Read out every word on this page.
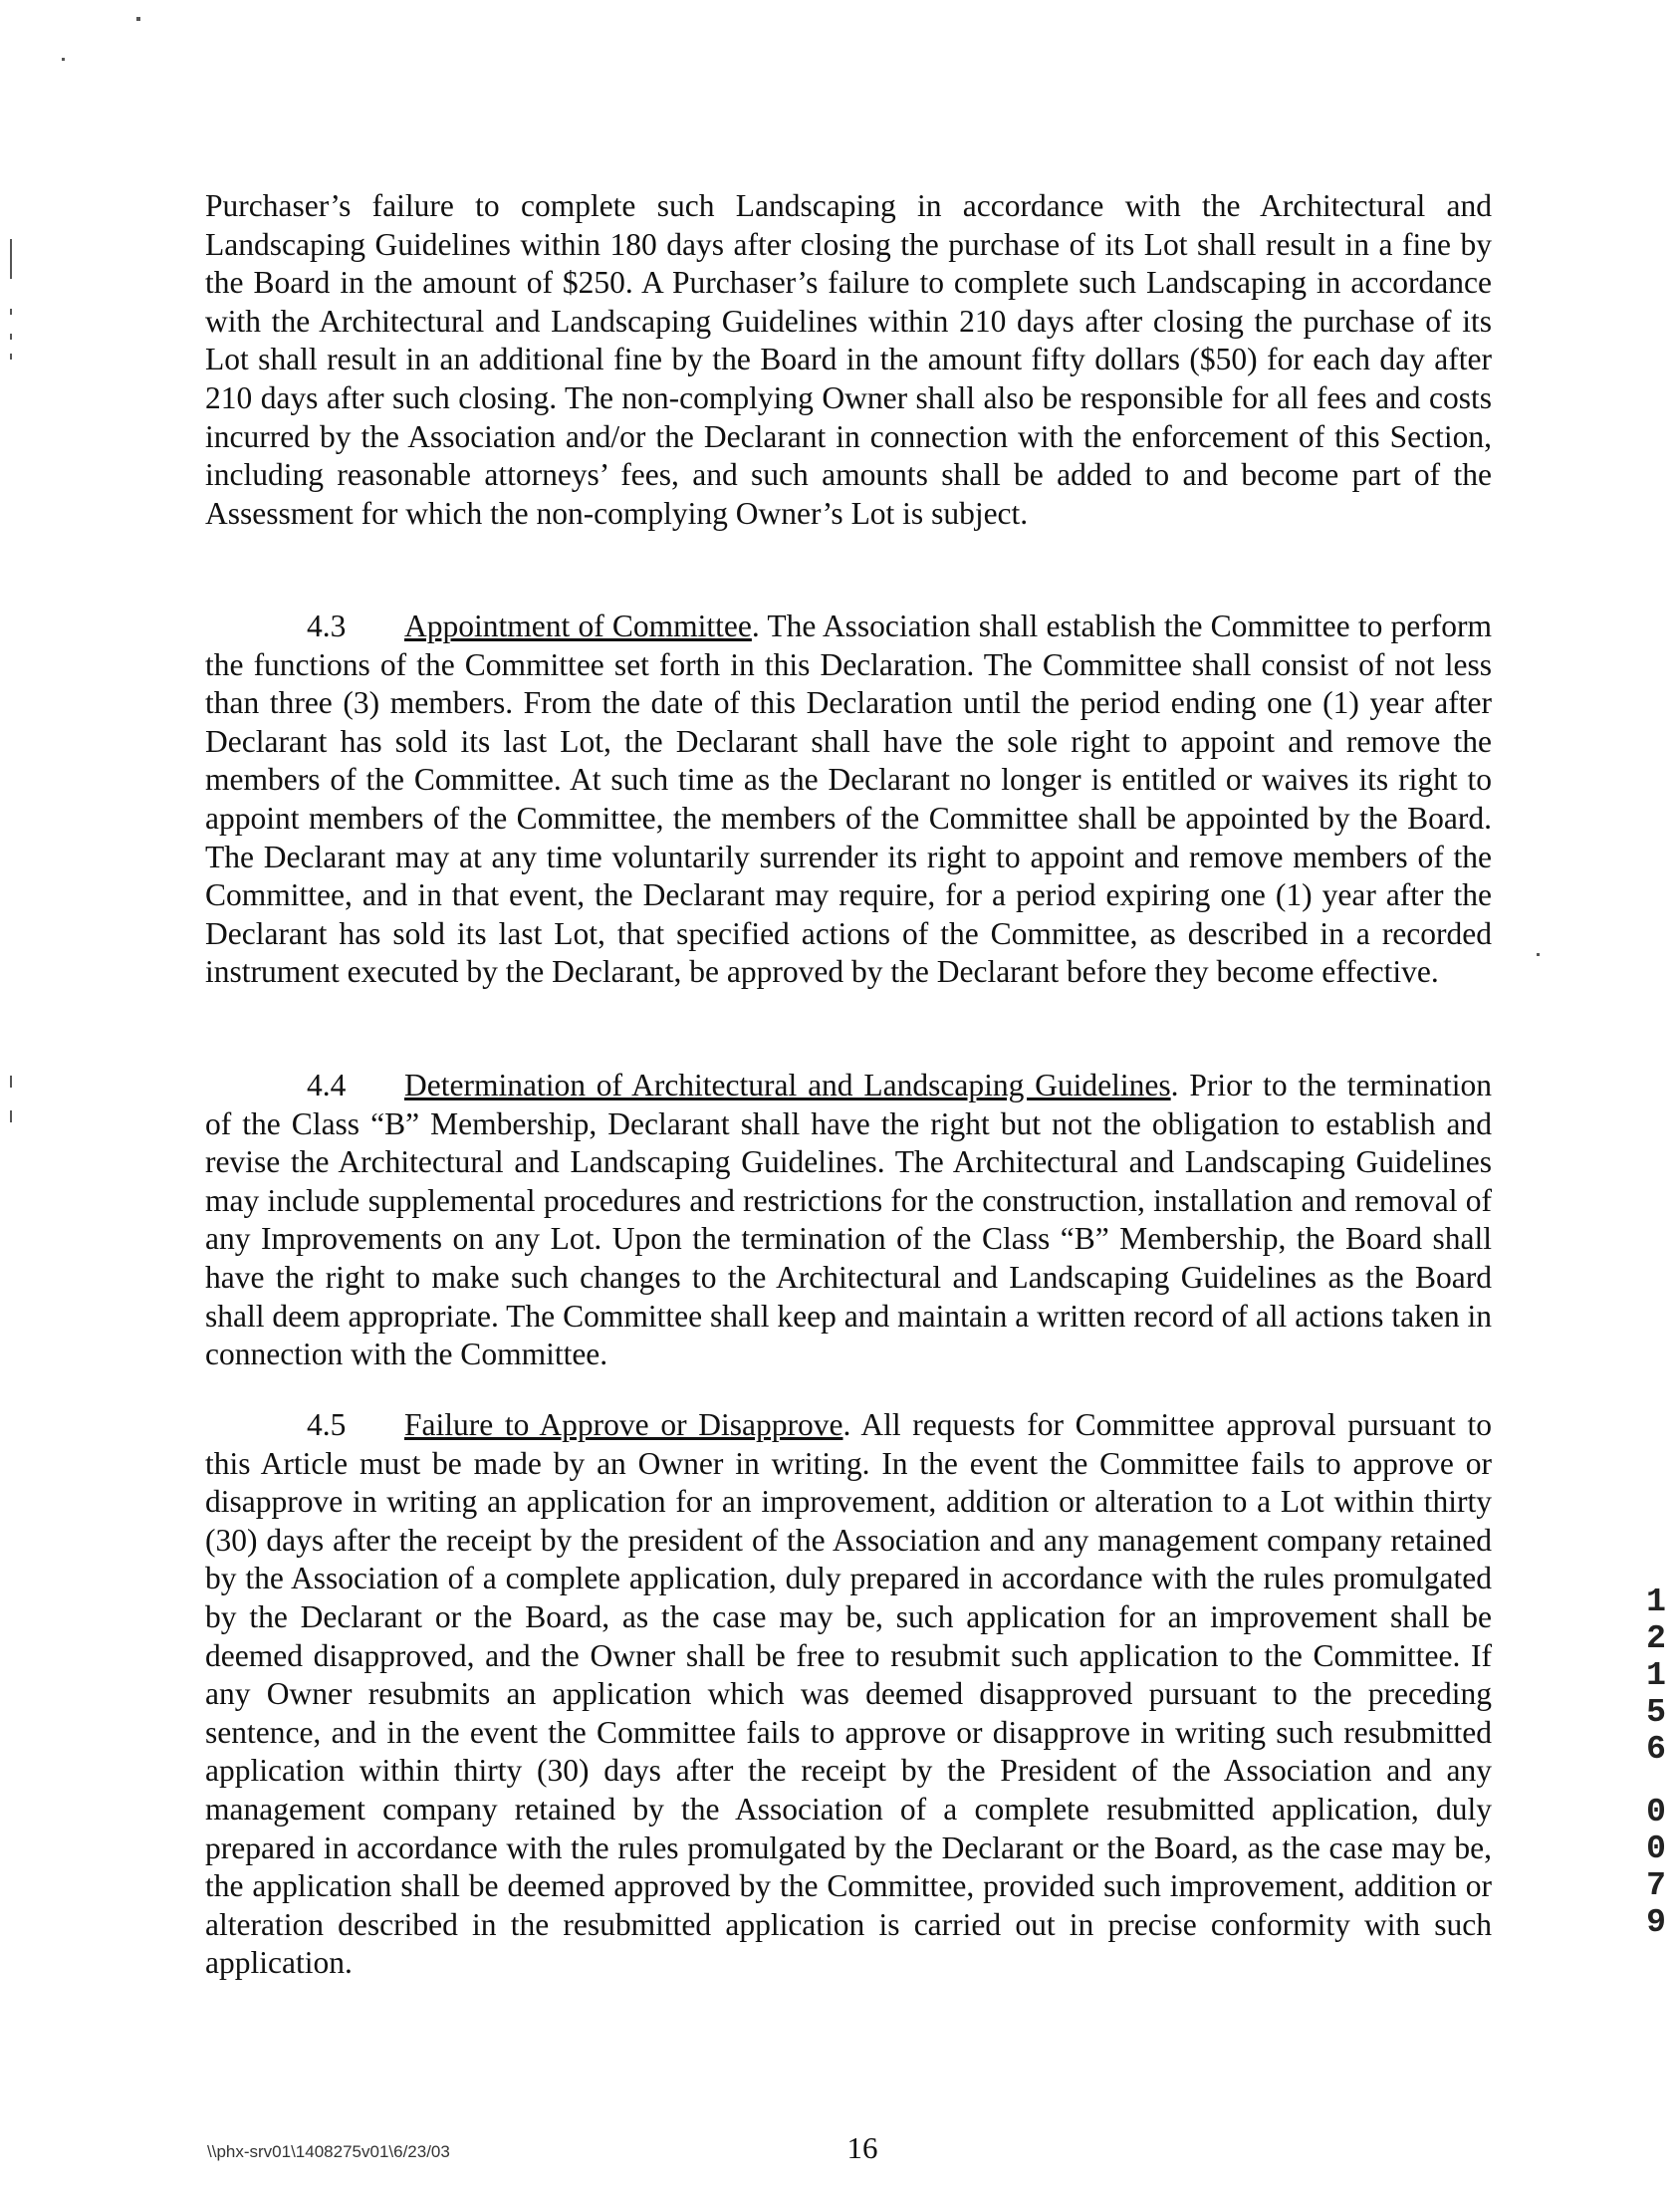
Purchaser’s failure to complete such Landscaping in accordance with the Architectural and Landscaping Guidelines within 180 days after closing the purchase of its Lot shall result in a fine by the Board in the amount of $250. A Purchaser’s failure to complete such Landscaping in accordance with the Architectural and Landscaping Guidelines within 210 days after closing the purchase of its Lot shall result in an additional fine by the Board in the amount fifty dollars ($50) for each day after 210 days after such closing. The non-complying Owner shall also be responsible for all fees and costs incurred by the Association and/or the Declarant in connection with the enforcement of this Section, including reasonable attorneys’ fees, and such amounts shall be added to and become part of the Assessment for which the non-complying Owner’s Lot is subject.

4.3 Appointment of Committee. The Association shall establish the Committee to perform the functions of the Committee set forth in this Declaration. The Committee shall consist of not less than three (3) members. From the date of this Declaration until the period ending one (1) year after Declarant has sold its last Lot, the Declarant shall have the sole right to appoint and remove the members of the Committee. At such time as the Declarant no longer is entitled or waives its right to appoint members of the Committee, the members of the Committee shall be appointed by the Board. The Declarant may at any time voluntarily surrender its right to appoint and remove members of the Committee, and in that event, the Declarant may require, for a period expiring one (1) year after the Declarant has sold its last Lot, that specified actions of the Committee, as described in a recorded instrument executed by the Declarant, be approved by the Declarant before they become effective.

4.4 Determination of Architectural and Landscaping Guidelines. Prior to the termination of the Class “B” Membership, Declarant shall have the right but not the obligation to establish and revise the Architectural and Landscaping Guidelines. The Architectural and Landscaping Guidelines may include supplemental procedures and restrictions for the construction, installation and removal of any Improvements on any Lot. Upon the termination of the Class “B” Membership, the Board shall have the right to make such changes to the Architectural and Landscaping Guidelines as the Board shall deem appropriate. The Committee shall keep and maintain a written record of all actions taken in connection with the Committee.

4.5 Failure to Approve or Disapprove. All requests for Committee approval pursuant to this Article must be made by an Owner in writing. In the event the Committee fails to approve or disapprove in writing an application for an improvement, addition or alteration to a Lot within thirty (30) days after the receipt by the president of the Association and any management company retained by the Association of a complete application, duly prepared in accordance with the rules promulgated by the Declarant or the Board, as the case may be, such application for an improvement shall be deemed disapproved, and the Owner shall be free to resubmit such application to the Committee. If any Owner resubmits an application which was deemed disapproved pursuant to the preceding sentence, and in the event the Committee fails to approve or disapprove in writing such resubmitted application within thirty (30) days after the receipt by the President of the Association and any management company retained by the Association of a complete resubmitted application, duly prepared in accordance with the rules promulgated by the Declarant or the Board, as the case may be, the application shall be deemed approved by the Committee, provided such improvement, addition or alteration described in the resubmitted application is carried out in precise conformity with such application.

1
2
1
5
6
0
0
7
9
\\phx-srv01\1408275v01\6/23/03	16
